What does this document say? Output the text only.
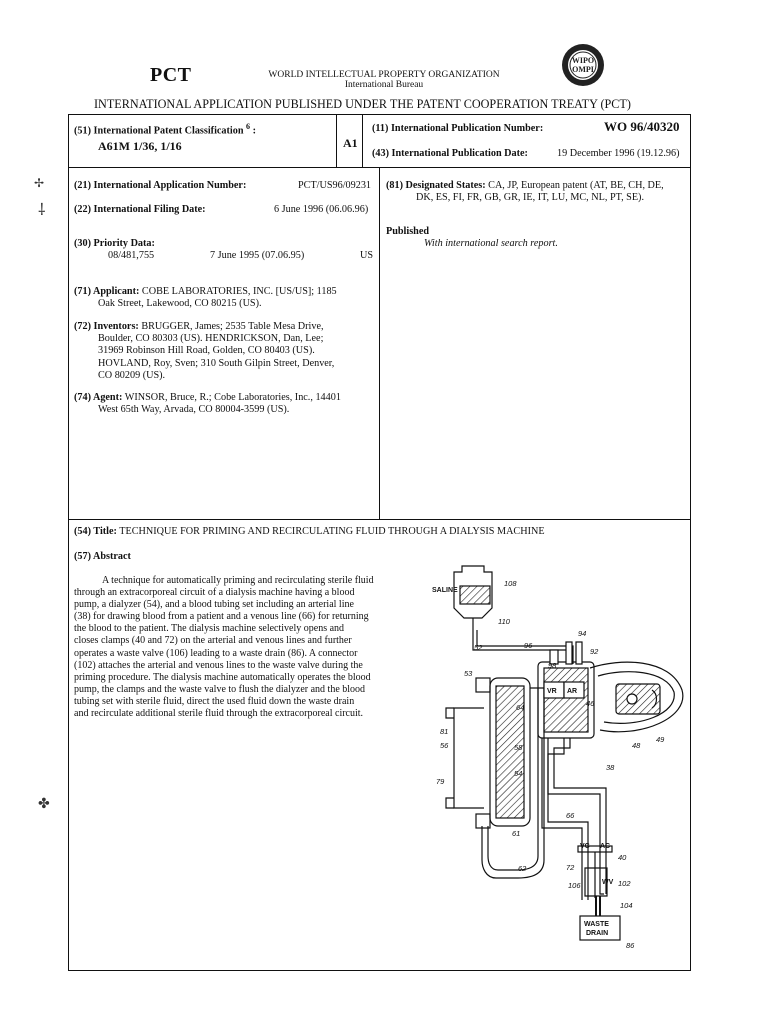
✢
⸸
✤
PCT	WORLD INTELLECTUAL PROPERTY ORGANIZATION
International Bureau
WIPO
OMPI
INTERNATIONAL APPLICATION PUBLISHED UNDER THE PATENT COOPERATION TREATY (PCT)
(51) International Patent Classification $^6$ :
A61M 1/36, 1/16	A1
(11) International Publication Number:	WO 96/40320
(43) International Publication Date:	19 December 1996 (19.12.96)
(21) International Application Number:	PCT/US96/09231
(22) International Filing Date:	6 June 1996 (06.06.96)
(30) Priority Data:
08/481,755	7 June 1995 (07.06.95)	US
(71) Applicant: COBE LABORATORIES, INC. [US/US]; 1185
Oak Street, Lakewood, CO 80215 (US).
(72) Inventors: BRUGGER, James; 2535 Table Mesa Drive,
Boulder, CO 80303 (US). HENDRICKSON, Dan, Lee;
31969 Robinson Hill Road, Golden, CO 80403 (US).
HOVLAND, Roy, Sven; 310 South Gilpin Street, Denver,
CO 80209 (US).
(74) Agent: WINSOR, Bruce, R.; Cobe Laboratories, Inc., 14401
West 65th Way, Arvada, CO 80004-3599 (US).
(81) Designated States: CA, JP, European patent (AT, BE, CH, DE,
DK, ES, FI, FR, GB, GR, IE, IT, LU, MC, NL, PT, SE).
Published
With international search report.
(54) Title: TECHNIQUE FOR PRIMING AND RECIRCULATING FLUID THROUGH A DIALYSIS MACHINE
(57) Abstract
A technique for automatically priming and recirculating sterile fluid
through an extracorporeal circuit of a dialysis machine having a blood
pump, a dialyzer (54), and a blood tubing set including an arterial line
(38) for drawing blood from a patient and a venous line (66) for returning
the blood to the patient. The dialysis machine selectively opens and
closes clamps (40 and 72) on the arterial and venous lines and further
operates a waste valve (106) leading to a waste drain (86). A connector
(102) attaches the arterial and venous lines to the waste valve during the
priming procedure. The dialysis machine automatically operates the blood
pump, the clamps and the waste valve to flush the dialyzer and the blood
tubing set with sterile fluid, direct the used fluid down the waste drain
and recirculate additional sterile fluid through the extracorporeal circuit.
108
110
94
52	96
98
92
53
64	46
49
81
56	48
58
54
38
79
66
61
40
72
62
106	102
104
86
SALINE
VR AR
VC AC
WV
WASTE
DRAIN
